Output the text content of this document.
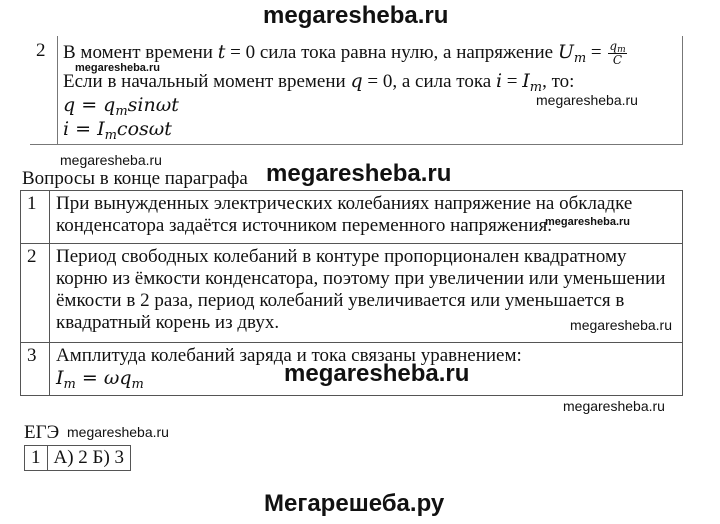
megaresheba.ru
2 В момент времени t = 0 сила тока равна нулю, а напряжение $U_m = \frac{q_m}{C}$
megaresheba.ru
Если в начальный момент времени q = 0, а сила тока $i = I_m$, то:
megaresheba.ru
$q = q_m\sin\omega t$
$i = I_m\cos\omega t$
megaresheba.ru	megaresheba.ru
Вопросы в конце параграфа
1	При вынужденных электрических колебаниях напряжение на обкладке конденсатора задаётся источником переменного напряжения.
megaresheba.ru

2	Период свободных колебаний в контуре пропорционален квадратному корню из ёмкости конденсатора, поэтому при увеличении или уменьшении ёмкости в 2 раза, период колебаний увеличивается или уменьшается в квадратный корень из двух. megaresheba.ru

3	Амплитуда колебаний заряда и тока связаны уравнением:
$I_m = \omega q_m$ megaresheba.ru
megaresheba.ru
ЕГЭ megaresheba.ru
1	А) 2 Б) 3
Мегарешеба.ру
